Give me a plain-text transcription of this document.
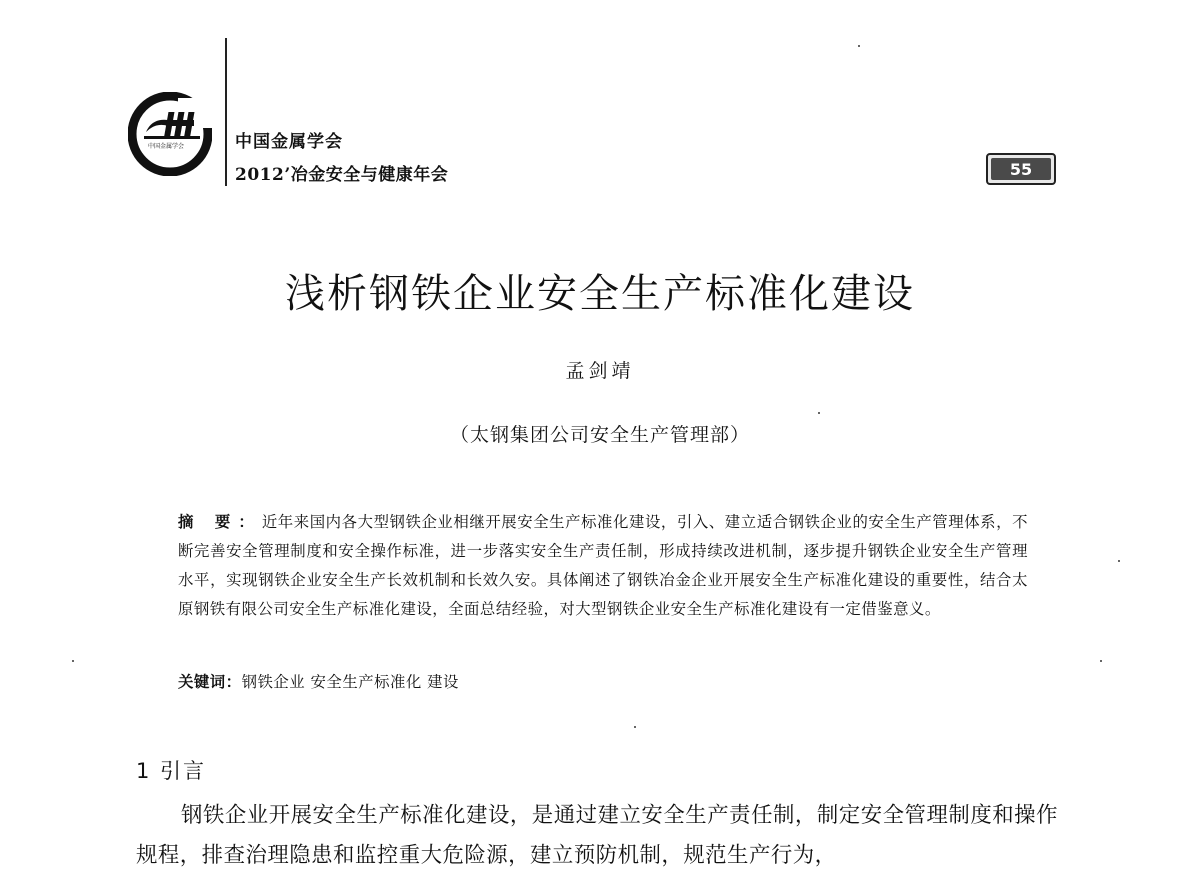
中国金属学会	中国金属学会
2012’冶金安全与健康年会	55
浅析钢铁企业安全生产标准化建设
孟剑靖
（太钢集团公司安全生产管理部）
摘 要：近年来国内各大型钢铁企业相继开展安全生产标准化建设，引入、建立适合钢铁企业的安全生产管理体系，不断完善安全管理制度和安全操作标准，进一步落实安全生产责任制，形成持续改进机制，逐步提升钢铁企业安全生产管理水平，实现钢铁企业安全生产长效机制和长效久安。具体阐述了钢铁冶金企业开展安全生产标准化建设的重要性，结合太原钢铁有限公司安全生产标准化建设，全面总结经验，对大型钢铁企业安全生产标准化建设有一定借鉴意义。
关键词：钢铁企业 安全生产标准化 建设
1 引言
钢铁企业开展安全生产标准化建设，是通过建立安全生产责任制，制定安全管理制度和操作规程，排查治理隐患和监控重大危险源，建立预防机制，规范生产行为，
